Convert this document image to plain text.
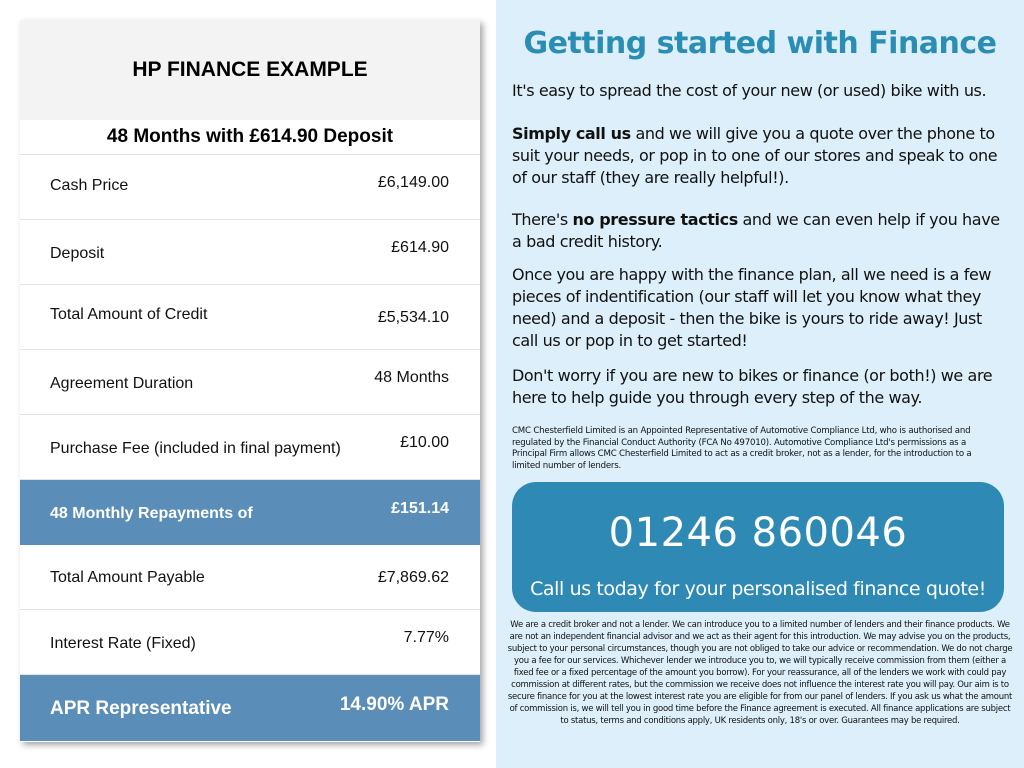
HP FINANCE EXAMPLE
48 Months with £614.90 Deposit
Cash Price	£6,149.00
Deposit	£614.90
Total Amount of Credit	£5,534.10
Agreement Duration	48 Months
Purchase Fee (included in final payment)	£10.00
48 Monthly Repayments of	£151.14
Total Amount Payable	£7,869.62
Interest Rate (Fixed)	7.77%
APR Representative	14.90% APR
Getting started with Finance
It's easy to spread the cost of your new (or used) bike with us.
Simply call us and we will give you a quote over the phone to suit your needs, or pop in to one of our stores and speak to one of our staff (they are really helpful!).
There's no pressure tactics and we can even help if you have a bad credit history.
Once you are happy with the finance plan, all we need is a few pieces of indentification (our staff will let you know what they need) and a deposit - then the bike is yours to ride away! Just call us or pop in to get started!
Don't worry if you are new to bikes or finance (or both!) we are here to help guide you through every step of the way.
CMC Chesterfield Limited is an Appointed Representative of Automotive Compliance Ltd, who is authorised and regulated by the Financial Conduct Authority (FCA No 497010). Automotive Compliance Ltd's permissions as a Principal Firm allows CMC Chesterfield Limited to act as a credit broker, not as a lender, for the introduction to a limited number of lenders.
01246 860046
Call us today for your personalised finance quote!
We are a credit broker and not a lender. We can introduce you to a limited number of lenders and their finance products. We are not an independent financial advisor and we act as their agent for this introduction. We may advise you on the products, subject to your personal circumstances, though you are not obliged to take our advice or recommendation. We do not charge you a fee for our services. Whichever lender we introduce you to, we will typically receive commission from them (either a fixed fee or a fixed percentage of the amount you borrow). For your reassurance, all of the lenders we work with could pay commission at different rates, but the commission we receive does not influence the interest rate you will pay. Our aim is to secure finance for you at the lowest interest rate you are eligible for from our panel of lenders. If you ask us what the amount of commission is, we will tell you in good time before the Finance agreement is executed. All finance applications are subject to status, terms and conditions apply, UK residents only, 18's or over. Guarantees may be required.
